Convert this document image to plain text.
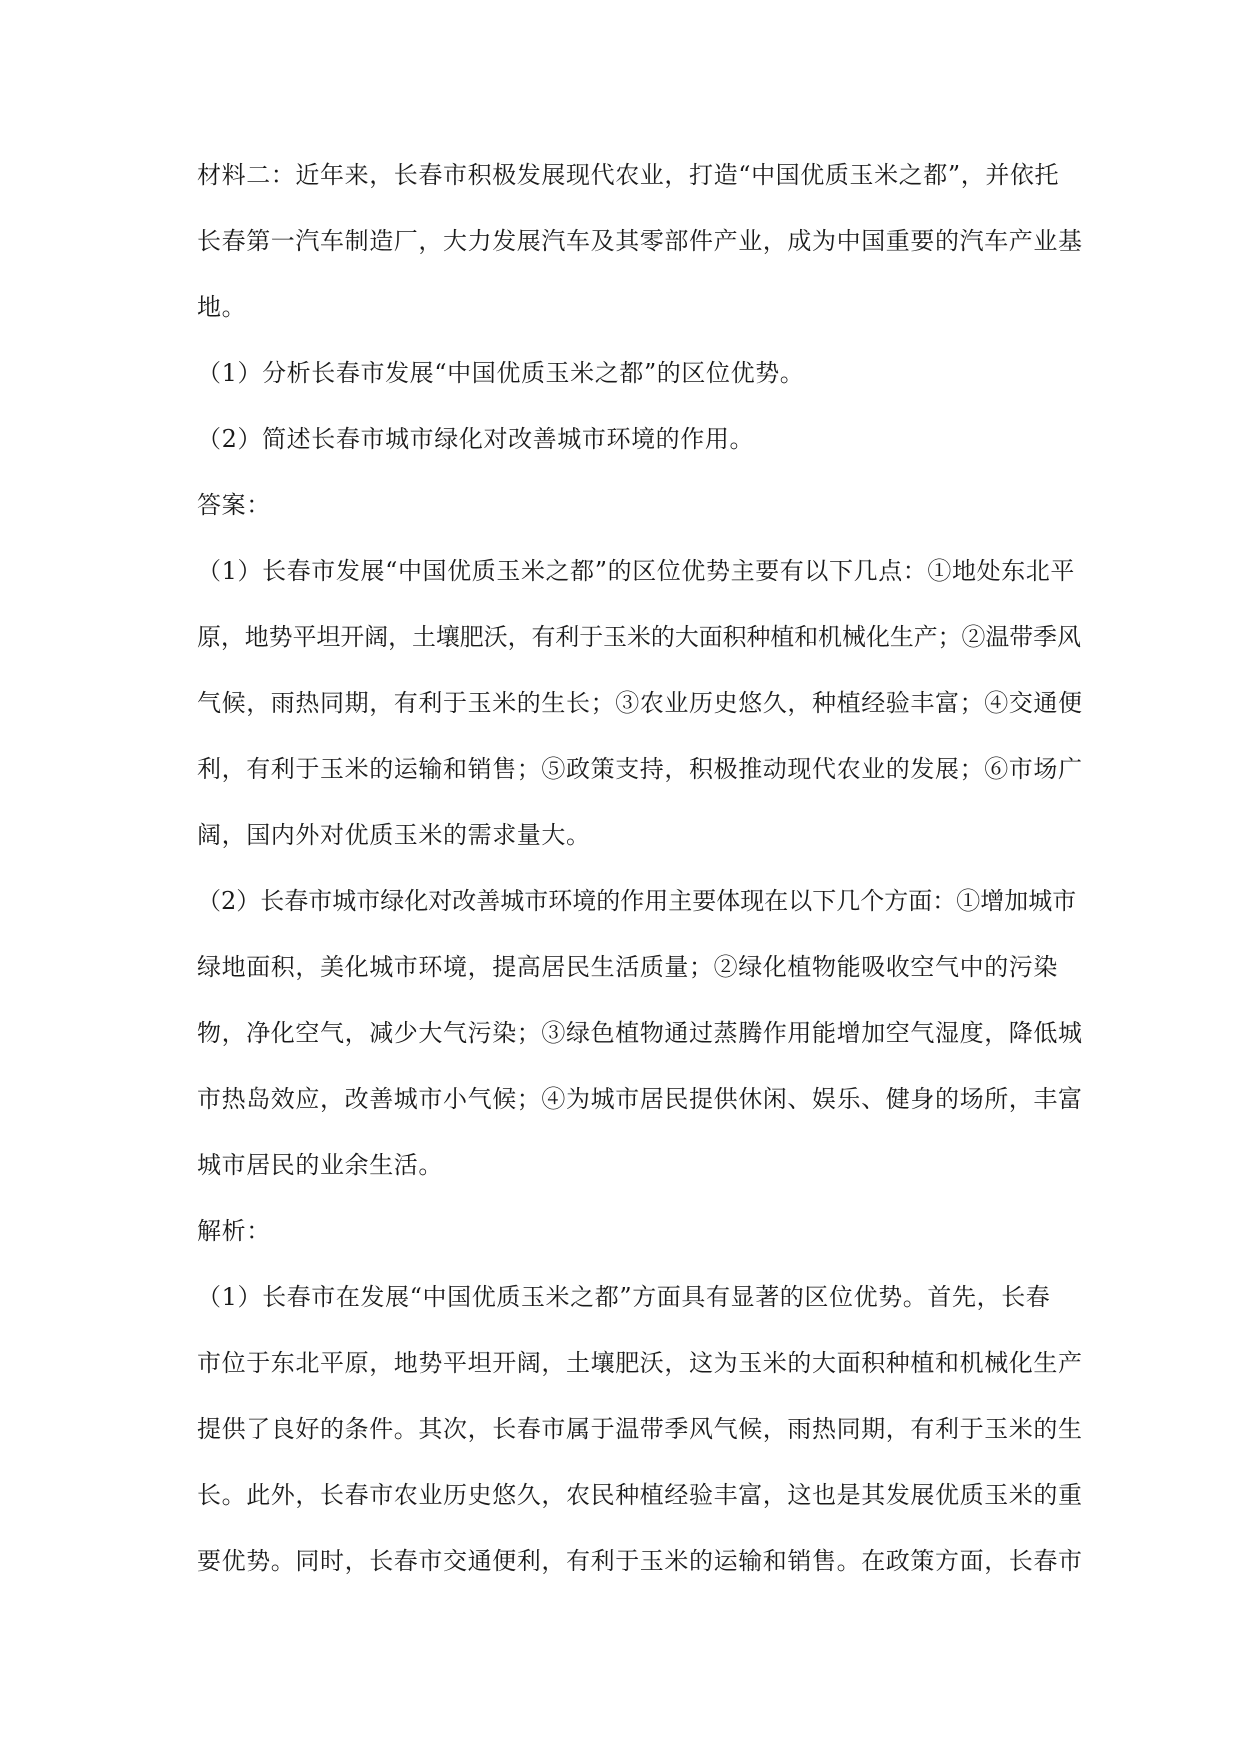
材料二：近年来，长春市积极发展现代农业，打造“中国优质玉米之都”，并依托
长春第一汽车制造厂，大力发展汽车及其零部件产业，成为中国重要的汽车产业基
地。
（1）分析长春市发展“中国优质玉米之都”的区位优势。
（2）简述长春市城市绿化对改善城市环境的作用。
答案：
（1）长春市发展“中国优质玉米之都”的区位优势主要有以下几点：①地处东北平
原，地势平坦开阔，土壤肥沃，有利于玉米的大面积种植和机械化生产；②温带季风
气候，雨热同期，有利于玉米的生长；③农业历史悠久，种植经验丰富；④交通便
利，有利于玉米的运输和销售；⑤政策支持，积极推动现代农业的发展；⑥市场广
阔，国内外对优质玉米的需求量大。
（2）长春市城市绿化对改善城市环境的作用主要体现在以下几个方面：①增加城市
绿地面积，美化城市环境，提高居民生活质量；②绿化植物能吸收空气中的污染
物，净化空气，减少大气污染；③绿色植物通过蒸腾作用能增加空气湿度，降低城
市热岛效应，改善城市小气候；④为城市居民提供休闲、娱乐、健身的场所，丰富
城市居民的业余生活。
解析：
（1）长春市在发展“中国优质玉米之都”方面具有显著的区位优势。首先，长春
市位于东北平原，地势平坦开阔，土壤肥沃，这为玉米的大面积种植和机械化生产
提供了良好的条件。其次，长春市属于温带季风气候，雨热同期，有利于玉米的生
长。此外，长春市农业历史悠久，农民种植经验丰富，这也是其发展优质玉米的重
要优势。同时，长春市交通便利，有利于玉米的运输和销售。在政策方面，长春市
